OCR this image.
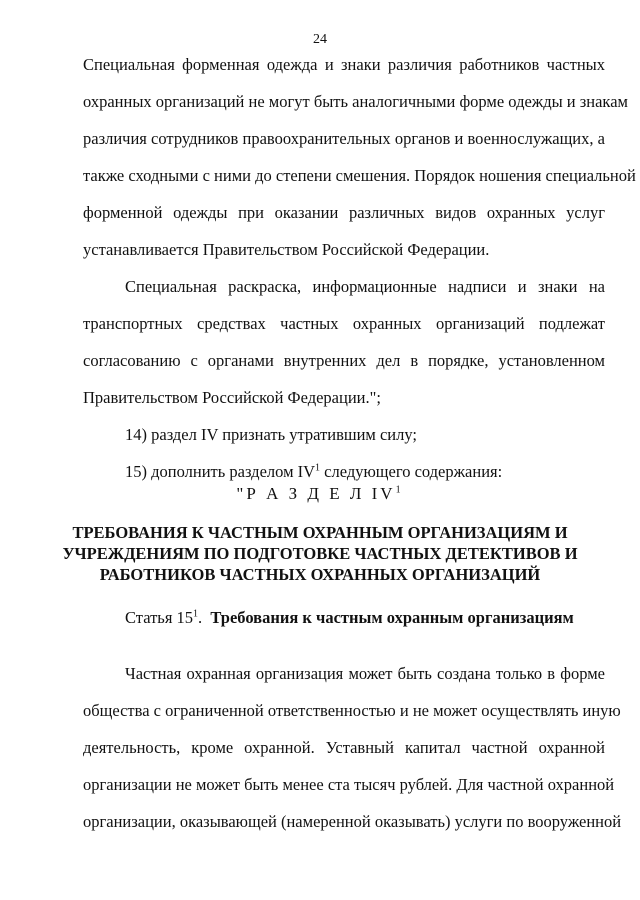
24
Специальная форменная одежда и знаки различия работников частных
охранных организаций не могут быть аналогичными форме одежды и знакам
различия сотрудников правоохранительных органов и военнослужащих, а
также сходными с ними до степени смешения. Порядок ношения специальной
форменной одежды при оказании различных видов охранных услуг
устанавливается Правительством Российской Федерации.
Специальная раскраска, информационные надписи и знаки на
транспортных средствах частных охранных организаций подлежат
согласованию с органами внутренних дел в порядке, установленном
Правительством Российской Федерации.";
14) раздел IV признать утратившим силу;
15) дополнить разделом $IV^1$ следующего содержания:
"Р А З Д Е Л $IV^1$
ТРЕБОВАНИЯ К ЧАСТНЫМ ОХРАННЫМ ОРГАНИЗАЦИЯМ И
УЧРЕЖДЕНИЯМ ПО ПОДГОТОВКЕ ЧАСТНЫХ ДЕТЕКТИВОВ И
РАБОТНИКОВ ЧАСТНЫХ ОХРАННЫХ ОРГАНИЗАЦИЙ
Статья $15^1$. Требования к частным охранным организациям
Частная охранная организация может быть создана только в форме
общества с ограниченной ответственностью и не может осуществлять иную
деятельность, кроме охранной. Уставный капитал частной охранной
организации не может быть менее ста тысяч рублей. Для частной охранной
организации, оказывающей (намеренной оказывать) услуги по вооруженной
